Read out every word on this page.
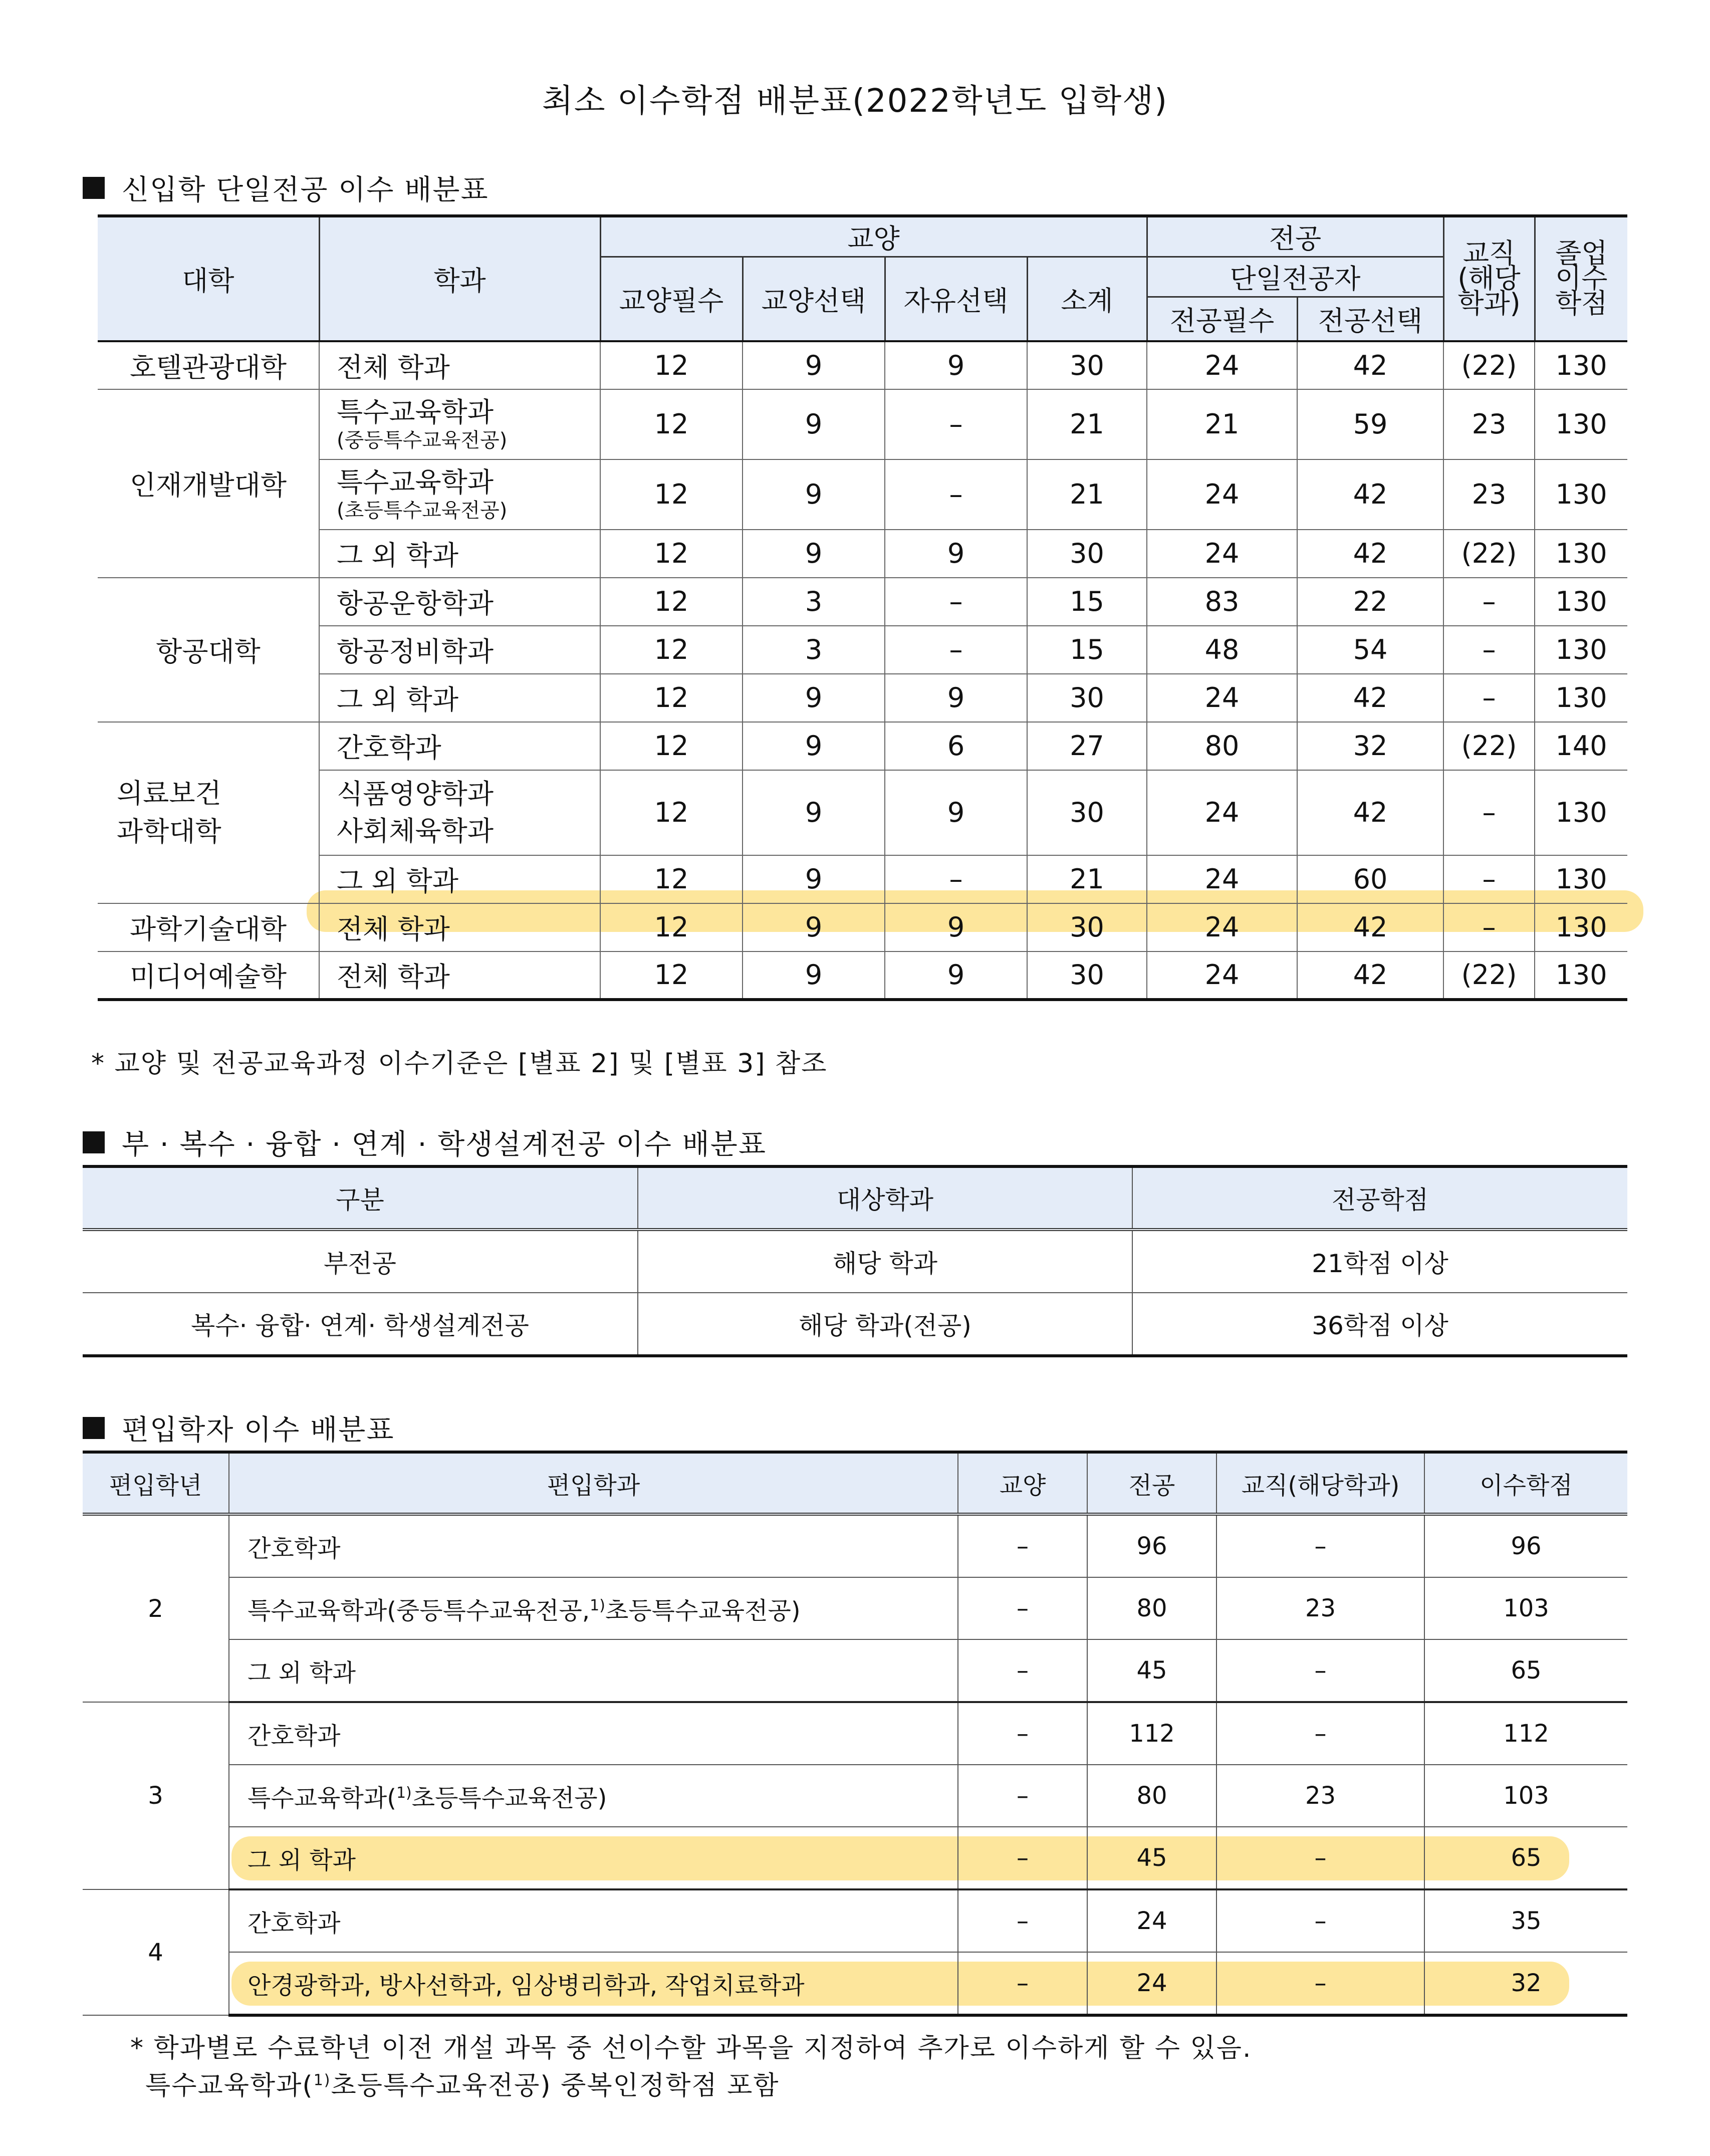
최소 이수학점 배분표(2022학년도 입학생)
신입학 단일전공 이수 배분표
대학	학과	교양				전공		교직
(해당
학과)	졸업
이수
학점

		교양필수	교양선택	자유선택	소계	단일전공자			
						전공필수	전공선택		
호텔관광대학	전체 학과	12	9	9	30	24	42	(22)	130
인재개발대학	특수교육학과
(중등특수교육전공)	12	9	–	21	21	59	23	130

	특수교육학과
(초등특수교육전공)	12	9	–	21	24	42	23	130
	그 외 학과	12	9	9	30	24	42	(22)	130
항공대학	항공운항학과	12	3	–	15	83	22	–	130
	항공정비학과	12	3	–	15	48	54	–	130
	그 외 학과	12	9	9	30	24	42	–	130

의료보건
과학대학	간호학과	12	9	6	27	80	32	(22)	140

	식품영양학과
사회체육학과	12	9	9	30	24	42	–	130
	그 외 학과	12	9	–	21	24	60	–	130
과학기술대학	전체 학과	12	9	9	30	24	42	–	130
미디어예술학	전체 학과	12	9	9	30	24	42	(22)	130
* 교양 및 전공교육과정 이수기준은 [별표 2] 및 [별표 3] 참조
부 · 복수 · 융합 · 연계 · 학생설계전공 이수 배분표
구분	대상학과	전공학점
부전공	해당 학과	21학점 이상
복수· 융합· 연계· 학생설계전공	해당 학과(전공)	36학점 이상
편입학자 이수 배분표
편입학년	편입학과	교양	전공	교직(해당학과)	이수학점
2	간호학과	–	96	–	96
	특수교육학과(중등특수교육전공,$^{1)}$초등특수교육전공)	–	80	23	103
	그 외 학과	–	45	–	65
3	간호학과	–	112	–	112
	특수교육학과($^{1)}$초등특수교육전공)	–	80	23	103
	그 외 학과	–	45	–	65
4	간호학과	–	24	–	35
	안경광학과, 방사선학과, 임상병리학과, 작업치료학과	–	24	–	32
* 학과별로 수료학년 이전 개설 과목 중 선이수할 과목을 지정하여 추가로 이수하게 할 수 있음.
특수교육학과($^{1)}$초등특수교육전공) 중복인정학점 포함
